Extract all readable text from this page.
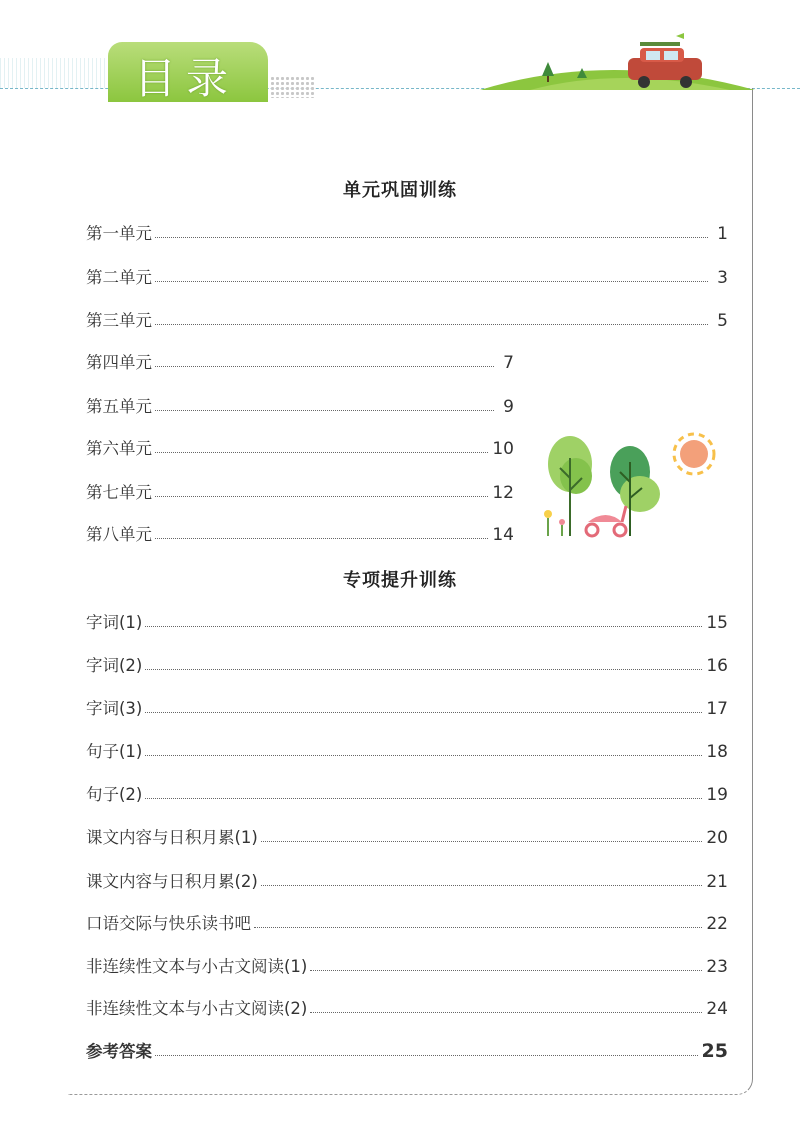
目录
单元巩固训练
第一单元	1
第二单元	3
第三单元	5
第四单元	7
第五单元	9
第六单元	10
第七单元	12
第八单元	14
专项提升训练
字词(1)	15
字词(2)	16
字词(3)	17
句子(1)	18
句子(2)	19
课文内容与日积月累(1)	20
课文内容与日积月累(2)	21
口语交际与快乐读书吧	22
非连续性文本与小古文阅读(1)	23
非连续性文本与小古文阅读(2)	24
参考答案	25
